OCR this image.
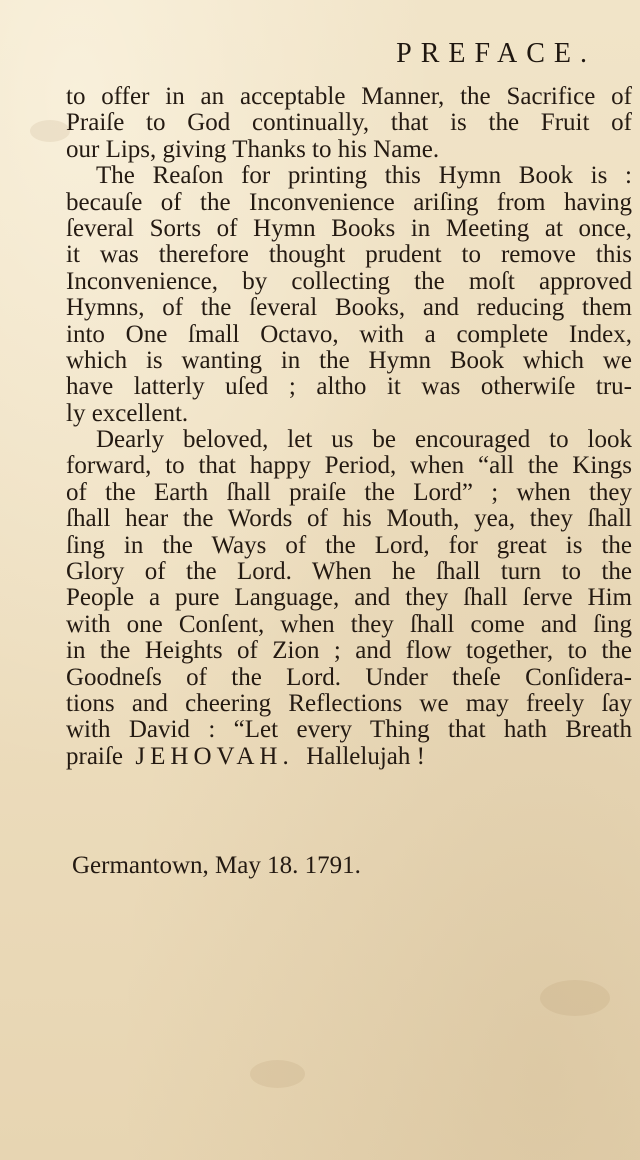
PREFACE.
to offer in an acceptable Manner, the Sacrifice of
Praiſe to God continually, that is the Fruit of
our Lips, giving Thanks to his Name.
The Reaſon for printing this Hymn Book is :
becauſe of the Inconvenience ariſing from having
ſeveral Sorts of Hymn Books in Meeting at once,
it was therefore thought prudent to remove this
Inconvenience, by collecting the moſt approved
Hymns, of the ſeveral Books, and reducing them
into One ſmall Octavo, with a complete Index,
which is wanting in the Hymn Book which we
have latterly uſed ; altho it was otherwiſe tru-
ly excellent.
Dearly beloved, let us be encouraged to look
forward, to that happy Period, when “all the Kings
of the Earth ſhall praiſe the Lord” ; when they
ſhall hear the Words of his Mouth, yea, they ſhall
ſing in the Ways of the Lord, for great is the
Glory of the Lord. When he ſhall turn to the
People a pure Language, and they ſhall ſerve Him
with one Conſent, when they ſhall come and ſing
in the Heights of Zion ; and flow together, to the
Goodneſs of the Lord. Under theſe Conſidera-
tions and cheering Reflections we may freely ſay
with David : “Let every Thing that hath Breath
praiſe JEHOVAH. Hallelujah !
Germantown, May 18. 1791.
